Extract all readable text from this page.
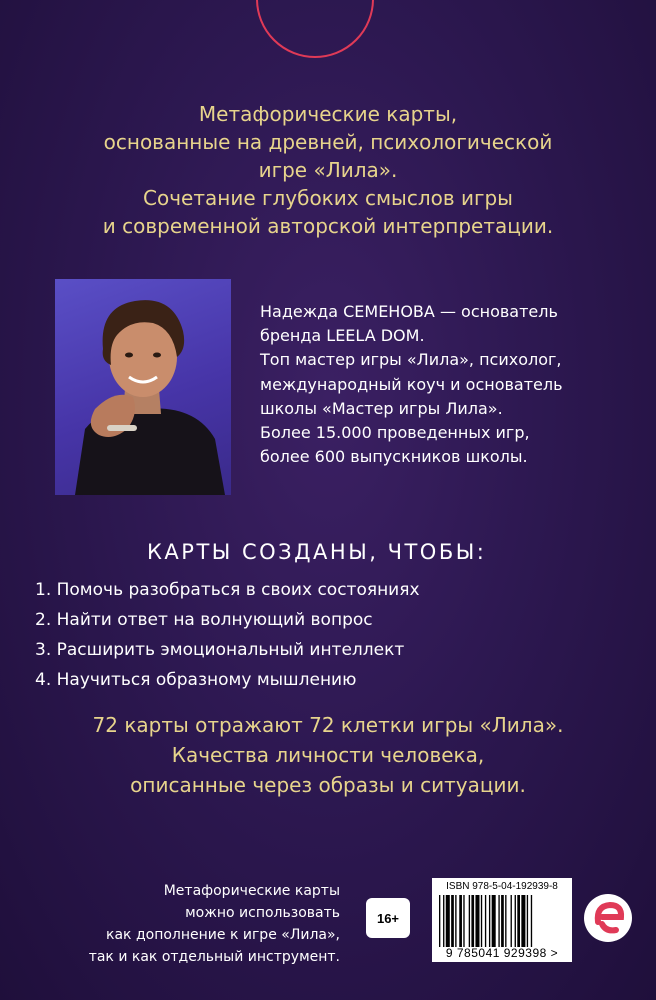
Метафорические карты,

основанные на древней, психологической

игре «Лила».

Сочетание глубоких смыслов игры

и современной авторской интерпретации.

Надежда СЕМЕНОВА — основатель

бренда LEELA DOM.

Топ мастер игры «Лила», психолог,

международный коуч и основатель

школы «Мастер игры Лила».

Более 15.000 проведенных игр,

более 600 выпускников школы.

КАРТЫ СОЗДАНЫ, ЧТОБЫ:
1. Помочь разобраться в своих состояниях
2. Найти ответ на волнующий вопрос
3. Расширить эмоциональный интеллект
4. Научиться образному мышлению

72 карты отражают 72 клетки игры «Лила».

Качества личности человека,

описанные через образы и ситуации.

Метафорические карты

можно использовать

как дополнение к игре «Лила»,

так и как отдельный инструмент.

16+
ISBN 978-5-04-192939-8
9 785041 929398 >
